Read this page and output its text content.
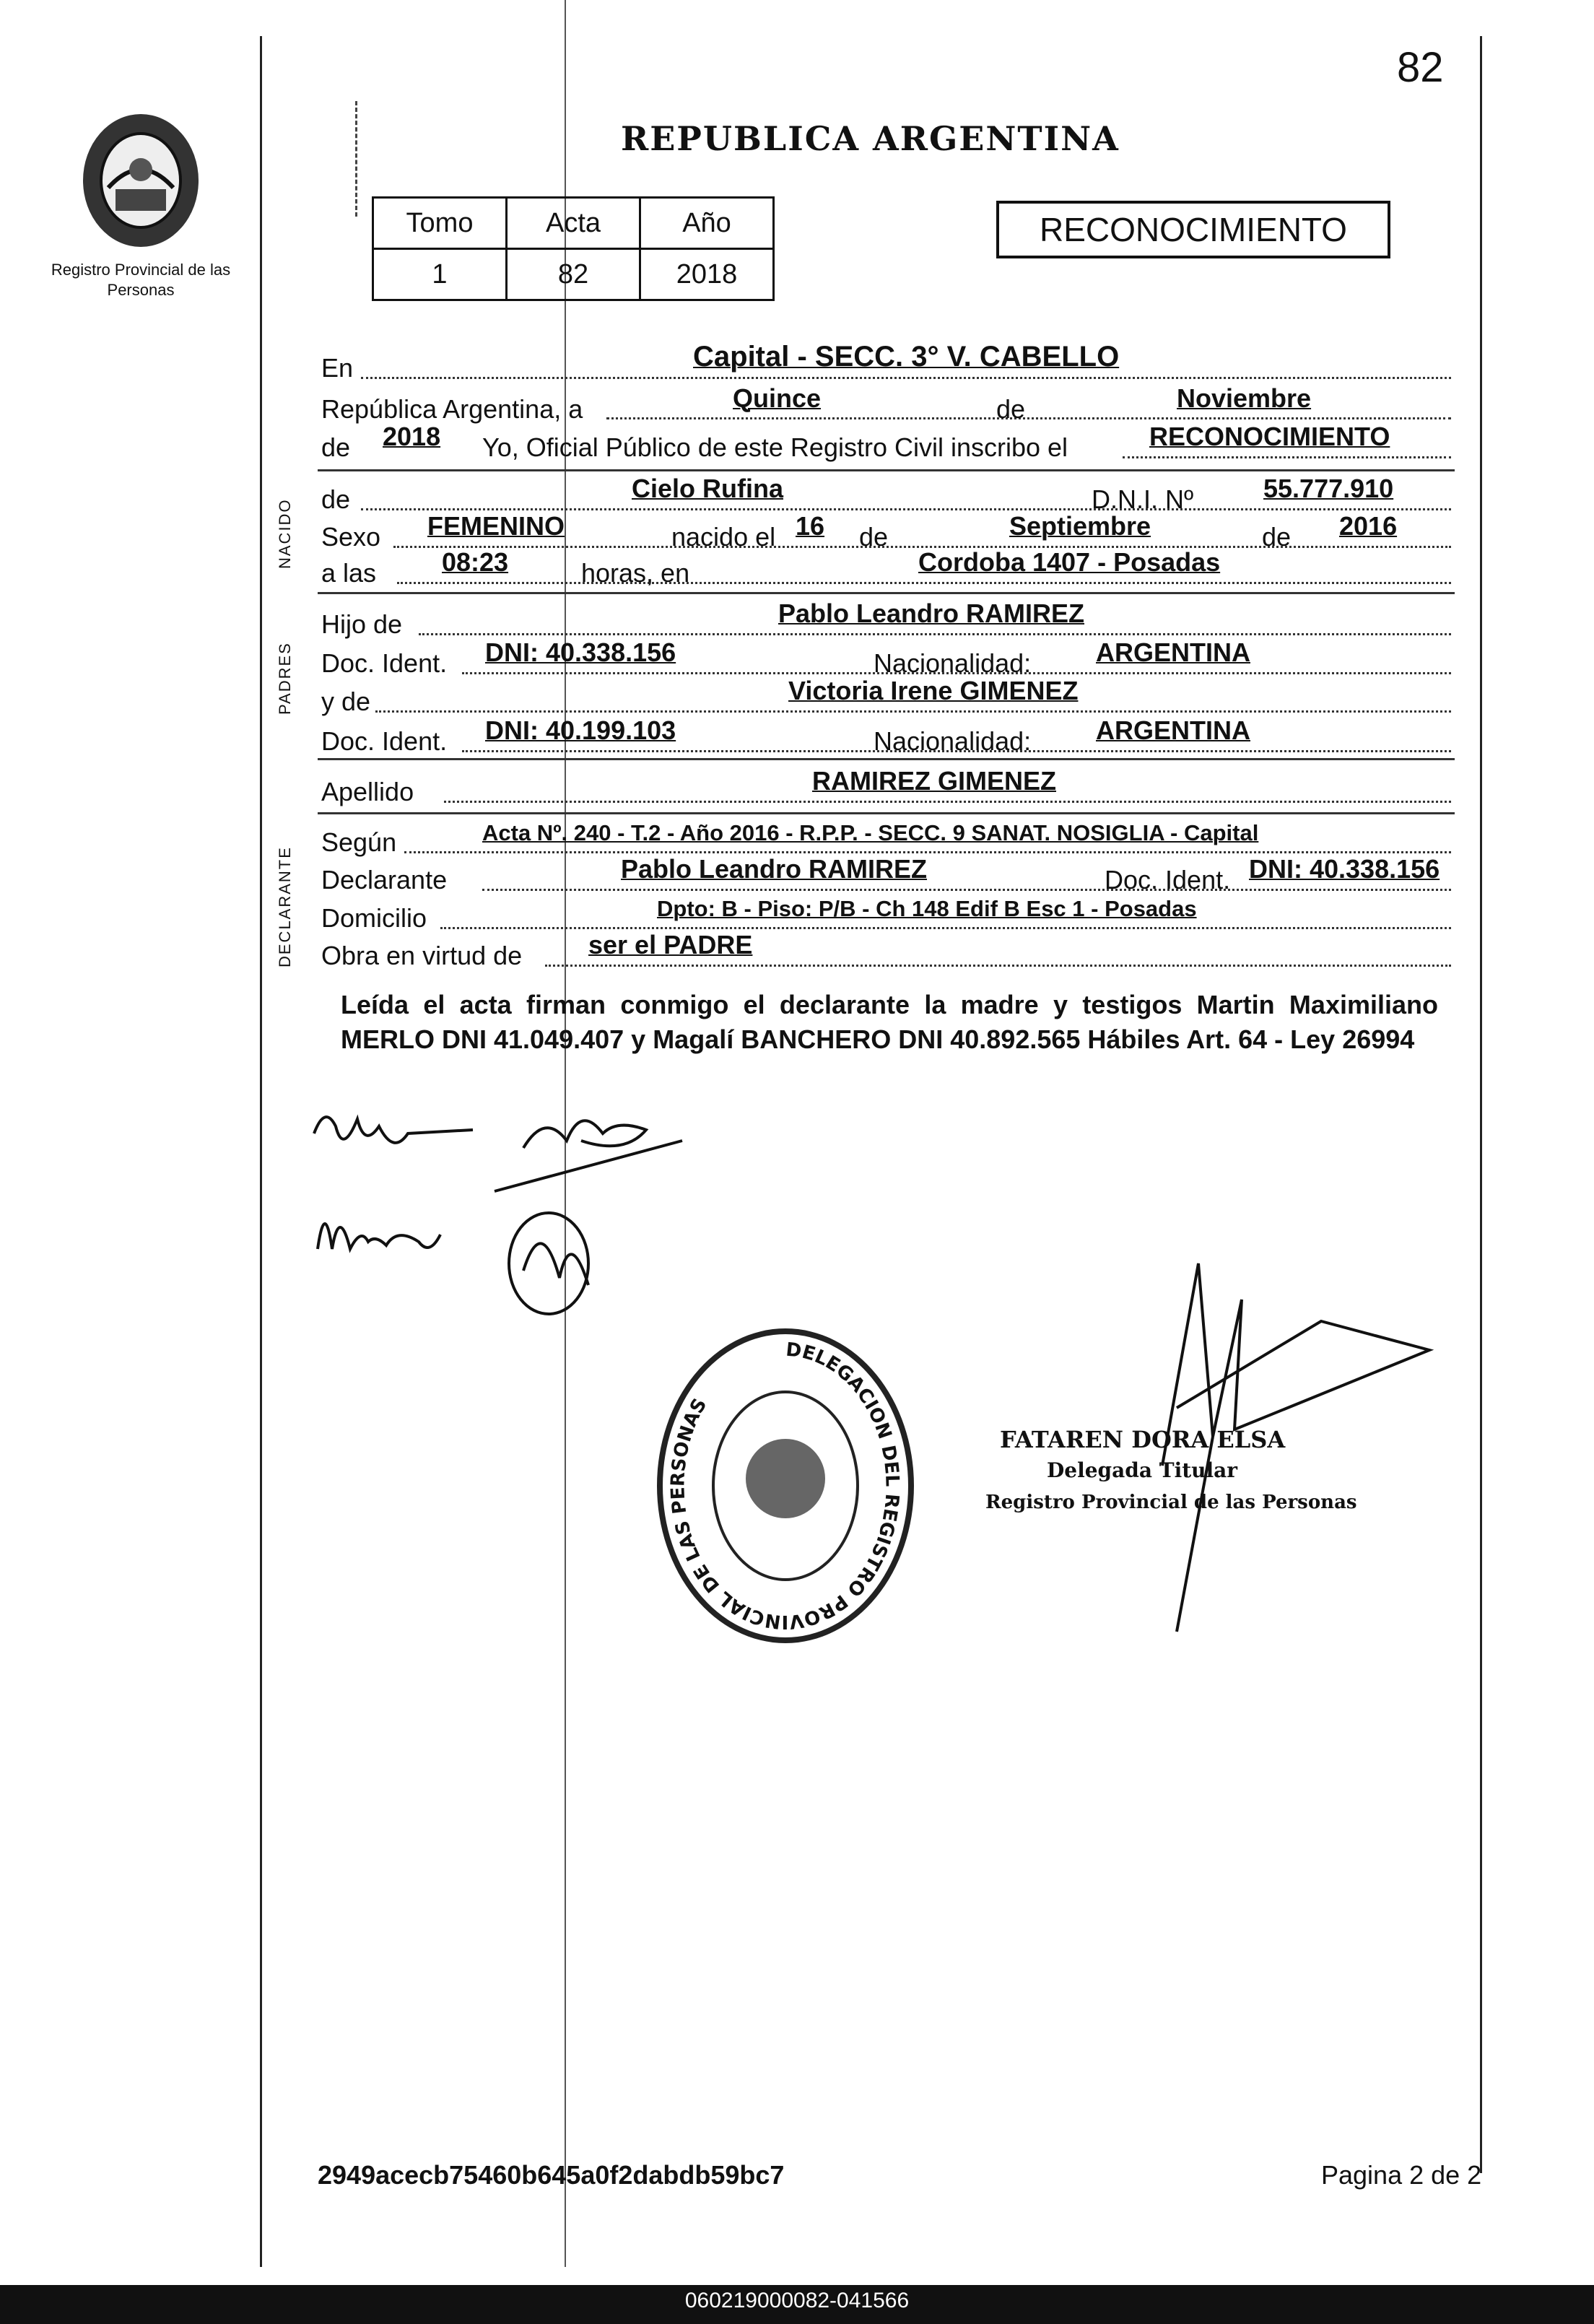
82
Registro Provincial de las Personas
REPUBLICA ARGENTINA
Tomo	Acta	Año
1	82	2018
RECONOCIMIENTO
NACIDO
PADRES
DECLARANTE
En	Capital - SECC. 3° V. CABELLO
República Argentina, a	Quince	de	Noviembre
de 2018 Yo, Oficial Público de este Registro Civil inscribo el	RECONOCIMIENTO
de	Cielo Rufina	D.N.I. Nº	55.777.910
Sexo FEMENINO	nacido el 16 de	Septiembre	de 2016
a las	08:23	horas, en	Cordoba 1407 - Posadas
Hijo de	Pablo Leandro RAMIREZ
Doc. Ident. DNI: 40.338.156	Nacionalidad: ARGENTINA
y de	Victoria Irene GIMENEZ
Doc. Ident. DNI: 40.199.103	Nacionalidad: ARGENTINA
Apellido	RAMIREZ GIMENEZ
Según	Acta Nº. 240 - T.2 - Año 2016 - R.P.P. - SECC. 9 SANAT. NOSIGLIA - Capital
Declarante	Pablo Leandro RAMIREZ	Doc. Ident. DNI: 40.338.156
Domicilio	Dpto: B - Piso: P/B - Ch 148 Edif B Esc 1 - Posadas
Obra en virtud de	ser el PADRE
Leída el acta firman conmigo el declarante la madre y testigos Martin Maximiliano MERLO DNI 41.049.407 y Magalí BANCHERO DNI 40.892.565 Hábiles Art. 64 - Ley 26994
DELEGACION DEL REGISTRO PROVINCIAL DE LAS PERSONAS
FATAREN DORA ELSA
Delegada Titular
Registro Provincial de las Personas
2949acecb75460b645a0f2dabdb59bc7	Pagina 2 de 2
060219000082-041566
